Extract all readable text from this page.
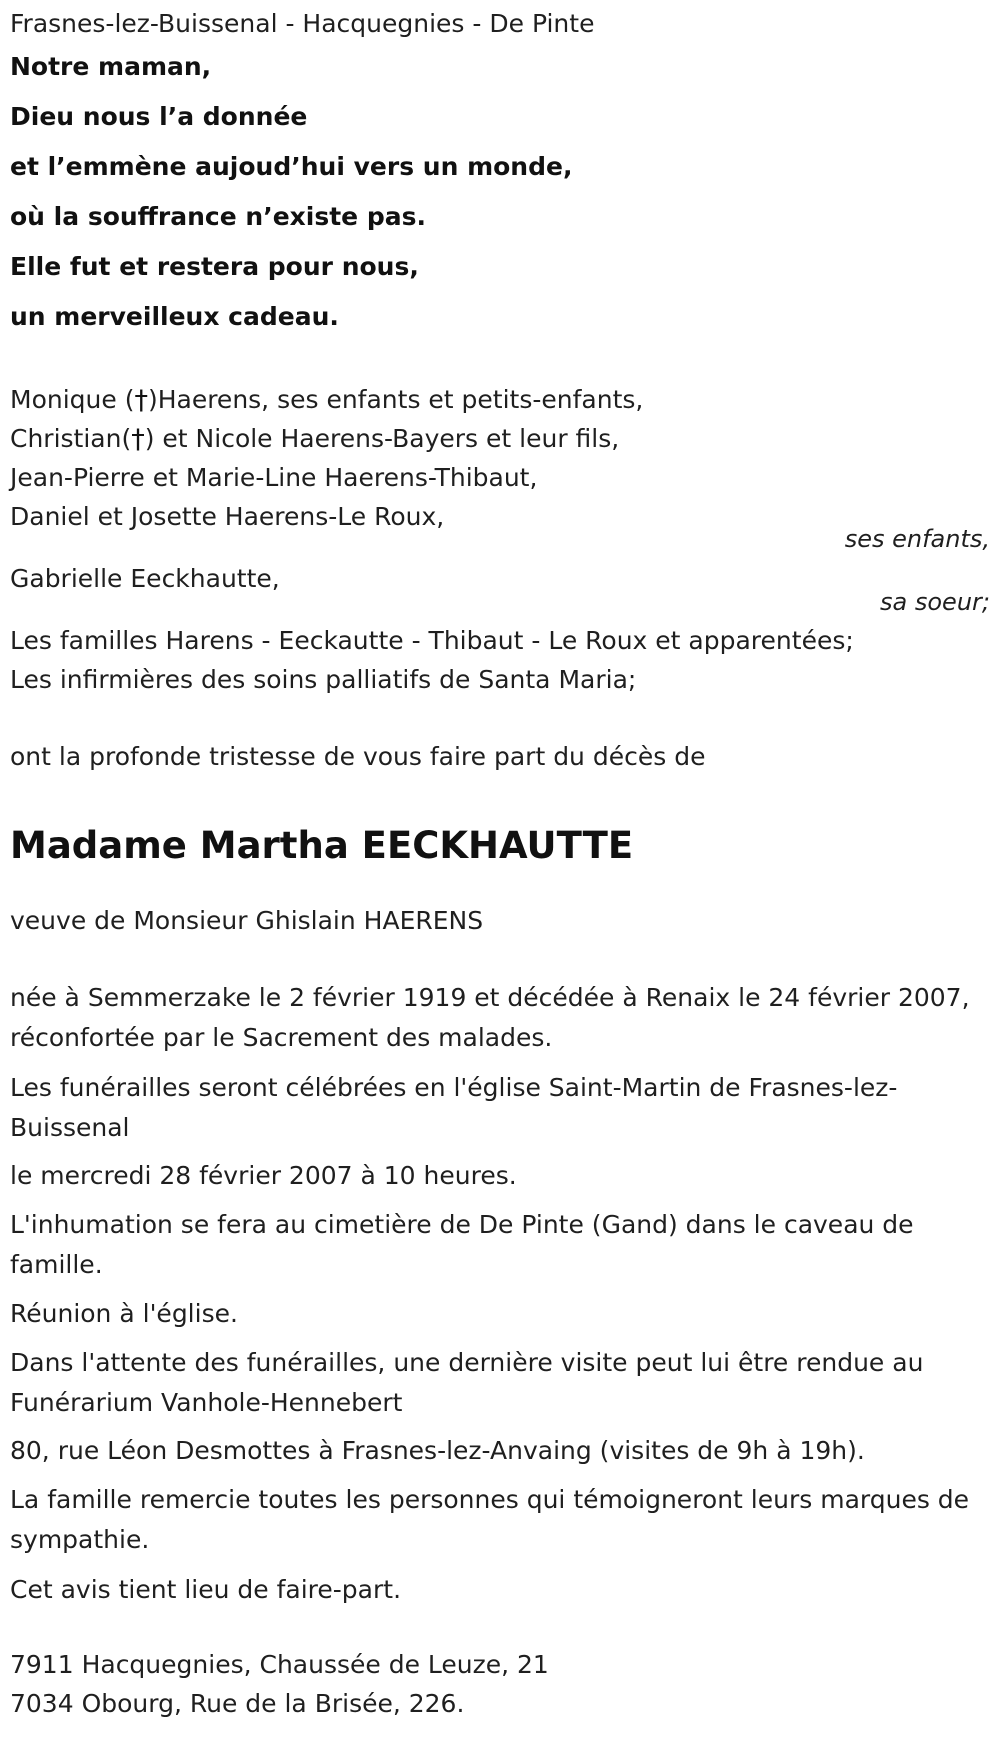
Frasnes-lez-Buissenal - Hacquegnies - De Pinte
Notre maman,
Dieu nous l’a donnée
et l’emmène aujoud’hui vers un monde,
où la souffrance n’existe pas.
Elle fut et restera pour nous,
un merveilleux cadeau.
Monique (†)Haerens, ses enfants et petits-enfants,
Christian(†) et Nicole Haerens-Bayers et leur fils,
Jean-Pierre et Marie-Line Haerens-Thibaut,
Daniel et Josette Haerens-Le Roux,
ses enfants,
Gabrielle Eeckhautte,
sa soeur;
Les familles Harens - Eeckautte - Thibaut - Le Roux et apparentées;
Les infirmières des soins palliatifs de Santa Maria;
ont la profonde tristesse de vous faire part du décès de
Madame Martha EECKHAUTTE
veuve de Monsieur Ghislain HAERENS
née à Semmerzake le 2 février 1919 et décédée à Renaix le 24 février 2007, réconfortée par le Sacrement des malades.
Les funérailles seront célébrées en l'église Saint-Martin de Frasnes-lez-Buissenal
le mercredi 28 février 2007 à 10 heures.
L'inhumation se fera au cimetière de De Pinte (Gand) dans le caveau de famille.
Réunion à l'église.
Dans l'attente des funérailles, une dernière visite peut lui être rendue au Funérarium Vanhole-Hennebert
80, rue Léon Desmottes à Frasnes-lez-Anvaing (visites de 9h à 19h).
La famille remercie toutes les personnes qui témoigneront leurs marques de sympathie.
Cet avis tient lieu de faire-part.
7911 Hacquegnies, Chaussée de Leuze, 21
7034 Obourg, Rue de la Brisée, 226.
